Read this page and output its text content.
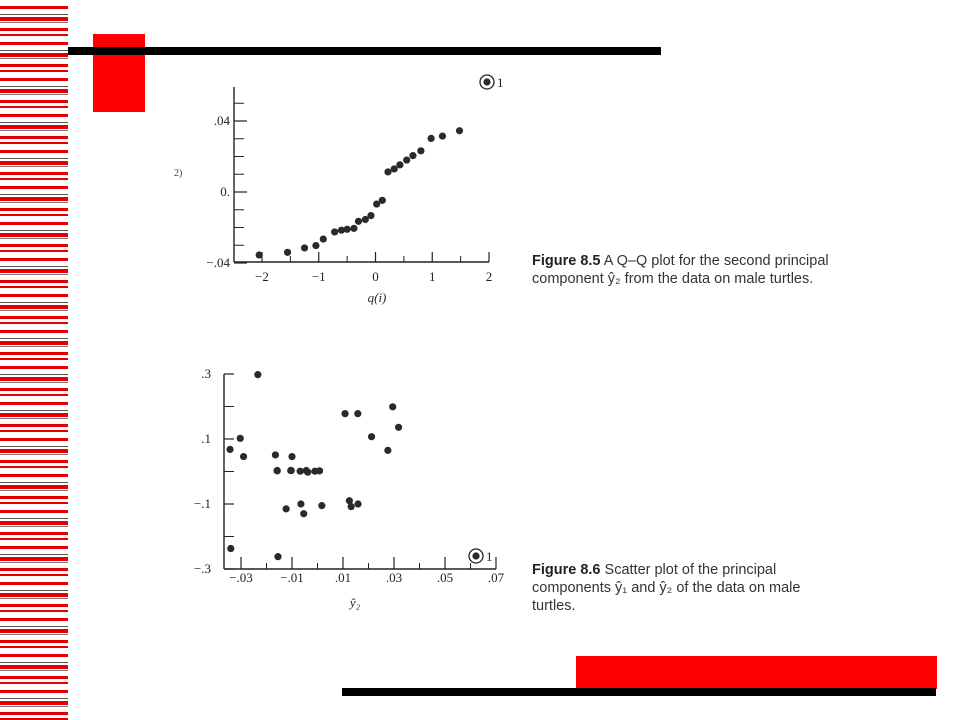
2)
−.04
0.
.04
−2	−1	0	1	2
q(i)
1
−.3
−.1
.1
.3
−.03 −.01 .01	.03	.05	.07
ŷ₂
1
Figure 8.5 A Q–Q plot for the second principal component ŷ₂ from the data on male turtles.
Figure 8.6 Scatter plot of the principal components ŷ₁ and ŷ₂ of the data on male turtles.
